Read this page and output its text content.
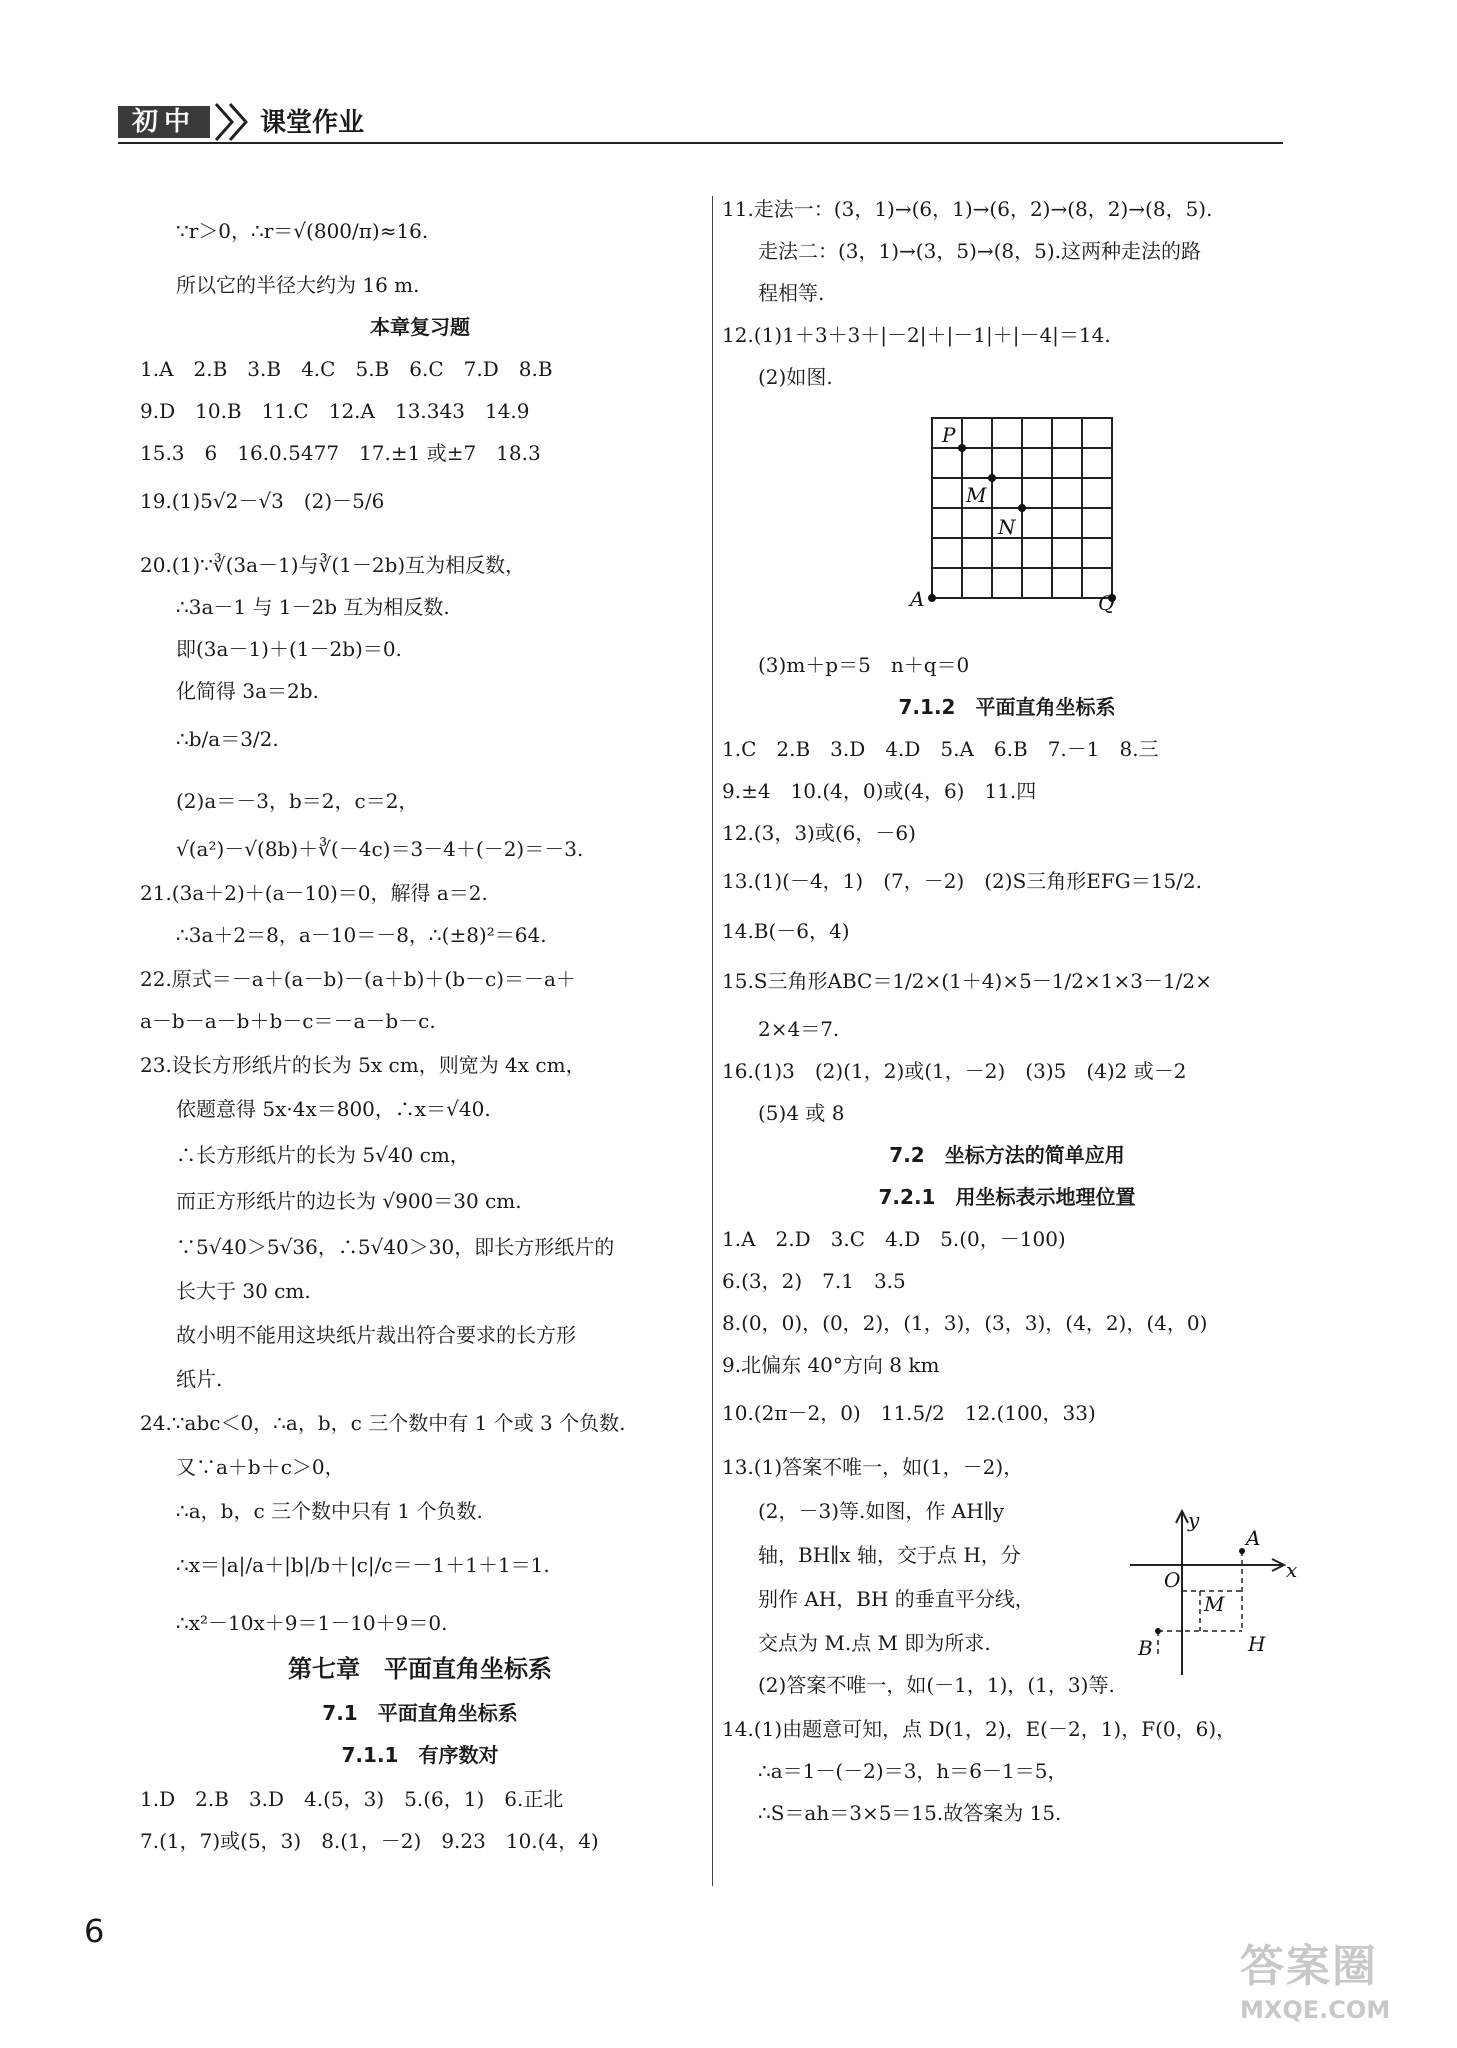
初中	课堂作业
∵r＞0，∴r＝√(800/π)≈16.
所以它的半径大约为 16 m.
本章复习题
1.A　2.B　3.B　4.C　5.B　6.C　7.D　8.B
9.D　10.B　11.C　12.A　13.343　14.9
15.3　6　16.0.5477　17.±1 或±7　18.3
19.(1)5√2－√3　(2)－5/6
20.(1)∵∛(3a－1)与∛(1－2b)互为相反数，
∴3a－1 与 1－2b 互为相反数.
即(3a－1)＋(1－2b)＝0.
化简得 3a＝2b.
∴b/a＝3/2.
(2)a＝－3，b＝2，c＝2，
√(a²)－√(8b)＋∛(－4c)＝3－4＋(－2)＝－3.
21.(3a＋2)＋(a－10)＝0，解得 a＝2.
∴3a＋2＝8，a－10＝－8，∴(±8)²＝64.
22.原式＝－a＋(a－b)－(a＋b)＋(b－c)＝－a＋
a－b－a－b＋b－c＝－a－b－c.
23.设长方形纸片的长为 5x cm，则宽为 4x cm，
依题意得 5x·4x＝800，∴x＝√40.
∴长方形纸片的长为 5√40 cm，
而正方形纸片的边长为 √900＝30 cm.
∵5√40＞5√36，∴5√40＞30，即长方形纸片的
长大于 30 cm.
故小明不能用这块纸片裁出符合要求的长方形
纸片.
24.∵abc＜0，∴a，b，c 三个数中有 1 个或 3 个负数.
又∵a＋b＋c＞0，
∴a，b，c 三个数中只有 1 个负数.
∴x＝|a|/a＋|b|/b＋|c|/c＝－1＋1＋1＝1.
∴x²－10x＋9＝1－10＋9＝0.
第七章　平面直角坐标系
7.1　平面直角坐标系
7.1.1　有序数对
1.D　2.B　3.D　4.(5，3)　5.(6，1)　6.正北
7.(1，7)或(5，3)　8.(1，－2)　9.23　10.(4，4)
11.走法一：(3，1)→(6，1)→(6，2)→(8，2)→(8，5).
走法二：(3，1)→(3，5)→(8，5).这两种走法的路
程相等.
12.(1)1＋3＋3＋|－2|＋|－1|＋|－4|＝14.
(2)如图.
P
M
N
A	Q
(3)m＋p＝5　n＋q＝0
7.1.2　平面直角坐标系
1.C　2.B　3.D　4.D　5.A　6.B　7.－1　8.三
9.±4　10.(4，0)或(4，6)　11.四
12.(3，3)或(6，－6)
13.(1)(－4，1)　(7，－2)　(2)S三角形EFG＝15/2.
14.B(－6，4)
15.S三角形ABC＝1/2×(1＋4)×5－1/2×1×3－1/2×
2×4＝7.
16.(1)3　(2)(1，2)或(1，－2)　(3)5　(4)2 或－2
(5)4 或 8
7.2　坐标方法的简单应用
7.2.1　用坐标表示地理位置
1.A　2.D　3.C　4.D　5.(0，－100)
6.(3，2)　7.1　3.5
8.(0，0)，(0，2)，(1，3)，(3，3)，(4，2)，(4，0)
9.北偏东 40°方向 8 km
10.(2π－2，0)　11.5/2　12.(100，33)
13.(1)答案不唯一，如(1，－2)，
(2，－3)等.如图，作 AH∥y
轴，BH∥x 轴，交于点 H，分
别作 AH，BH 的垂直平分线，
交点为 M.点 M 即为所求.
y
x
O
A
M
B	H
(2)答案不唯一，如(－1，1)，(1，3)等.
14.(1)由题意可知，点 D(1，2)，E(－2，1)，F(0，6)，
∴a＝1－(－2)＝3，h＝6－1＝5，
∴S＝ah＝3×5＝15.故答案为 15.
6
答案圈
MXQE.COM
